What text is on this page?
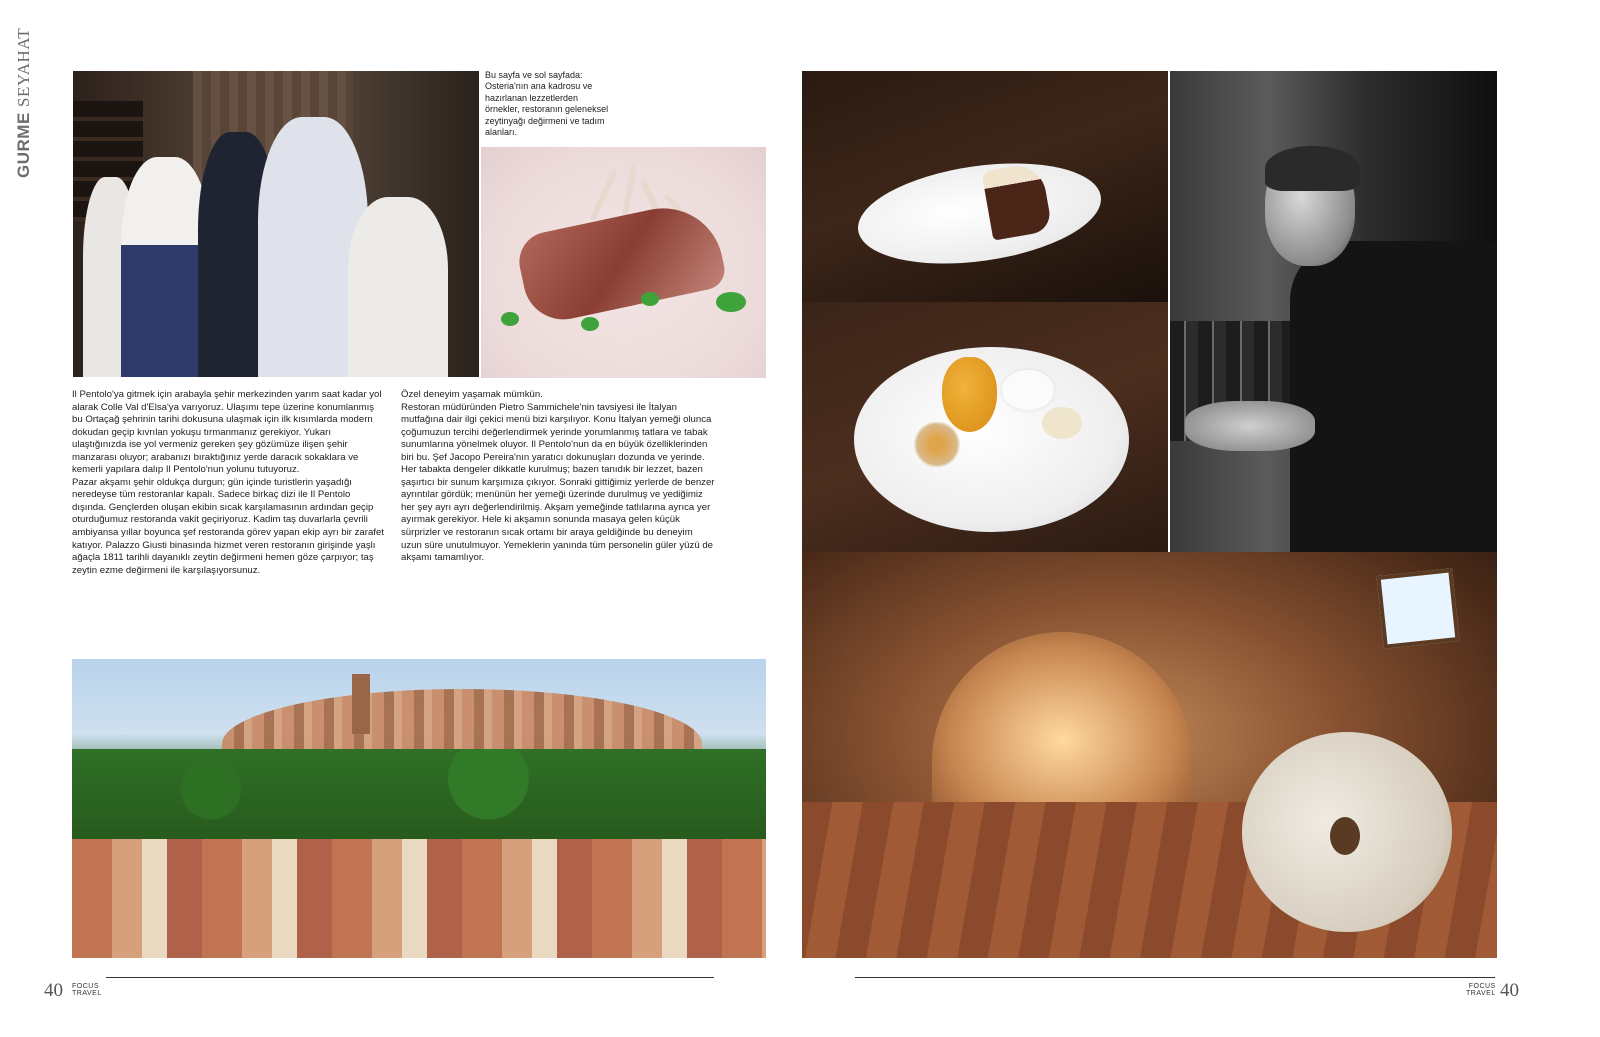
GURME SEYAHAT	Bu sayfa ve sol sayfada: Osteria'nın ana kadrosu ve hazırlanan lezzetlerden örnekler, restoranın geleneksel zeytinyağı değirmeni ve tadım alanları.

Il Pentolo'ya gitmek için arabayla şehir merkezinden yarım saat kadar yol alarak Colle Val d'Elsa'ya varıyoruz. Ulaşımı tepe üzerine konumlanmış bu Ortaçağ şehrinin tarihi dokusuna ulaşmak için ilk kısımlarda modern dokudan geçip kıvrılan yokuşu tırmanmanız gerekiyor. Yukarı ulaştığınızda ise yol vermeniz gereken şey gözümüze ilişen şehir manzarası oluyor; arabanızı bıraktığınız yerde daracık sokaklara ve kemerli yapılara dalıp Il Pentolo'nun yolunu tutuyoruz.

Pazar akşamı şehir oldukça durgun; gün içinde turistlerin yaşadığı neredeyse tüm restoranlar kapalı. Sadece birkaç dizi ile Il Pentolo dışında. Gençlerden oluşan ekibin sıcak karşılamasının ardından geçip oturduğumuz restoranda vakit geçiriyoruz. Kadim taş duvarlarla çevrili ambiyansa yıllar boyunca şef restoranda görev yapan ekip ayrı bir zarafet katıyor. Palazzo Giusti binasında hizmet veren restoranın girişinde yaşlı ağaçla 1811 tarihli dayanıklı zeytin değirmeni hemen göze çarpıyor; taş zeytin ezme değirmeni ile karşılaşıyorsunuz.

Özel deneyim yaşamak mümkün.

Restoran müdüründen Pietro Sammichele'nin tavsiyesi ile İtalyan mutfağına dair ilgi çekici menü bizi karşılıyor. Konu İtalyan yemeği olunca çoğumuzun tercihi değerlendirmek yerinde yorumlanmış tatlara ve tabak sunumlarına yönelmek oluyor. Il Pentolo'nun da en büyük özelliklerinden biri bu. Şef Jacopo Pereira'nın yaratıcı dokunuşları dozunda ve yerinde. Her tabakta dengeler dikkatle kurulmuş; bazen tanıdık bir lezzet, bazen şaşırtıcı bir sunum karşımıza çıkıyor. Sonraki gittiğimiz yerlerde de benzer ayrıntılar gördük; menünün her yemeği üzerinde durulmuş ve yediğimiz her şey ayrı ayrı değerlendirilmiş. Akşam yemeğinde tatlılarına ayrıca yer ayırmak gerekiyor. Hele ki akşamın sonunda masaya gelen küçük sürprizler ve restoranın sıcak ortamı bir araya geldiğinde bu deneyim uzun süre unutulmuyor. Yemeklerin yanında tüm personelin güler yüzü de akşamı tamamlıyor.

40 FOCUS
TRAVEL
FOCUS
TRAVEL 40
